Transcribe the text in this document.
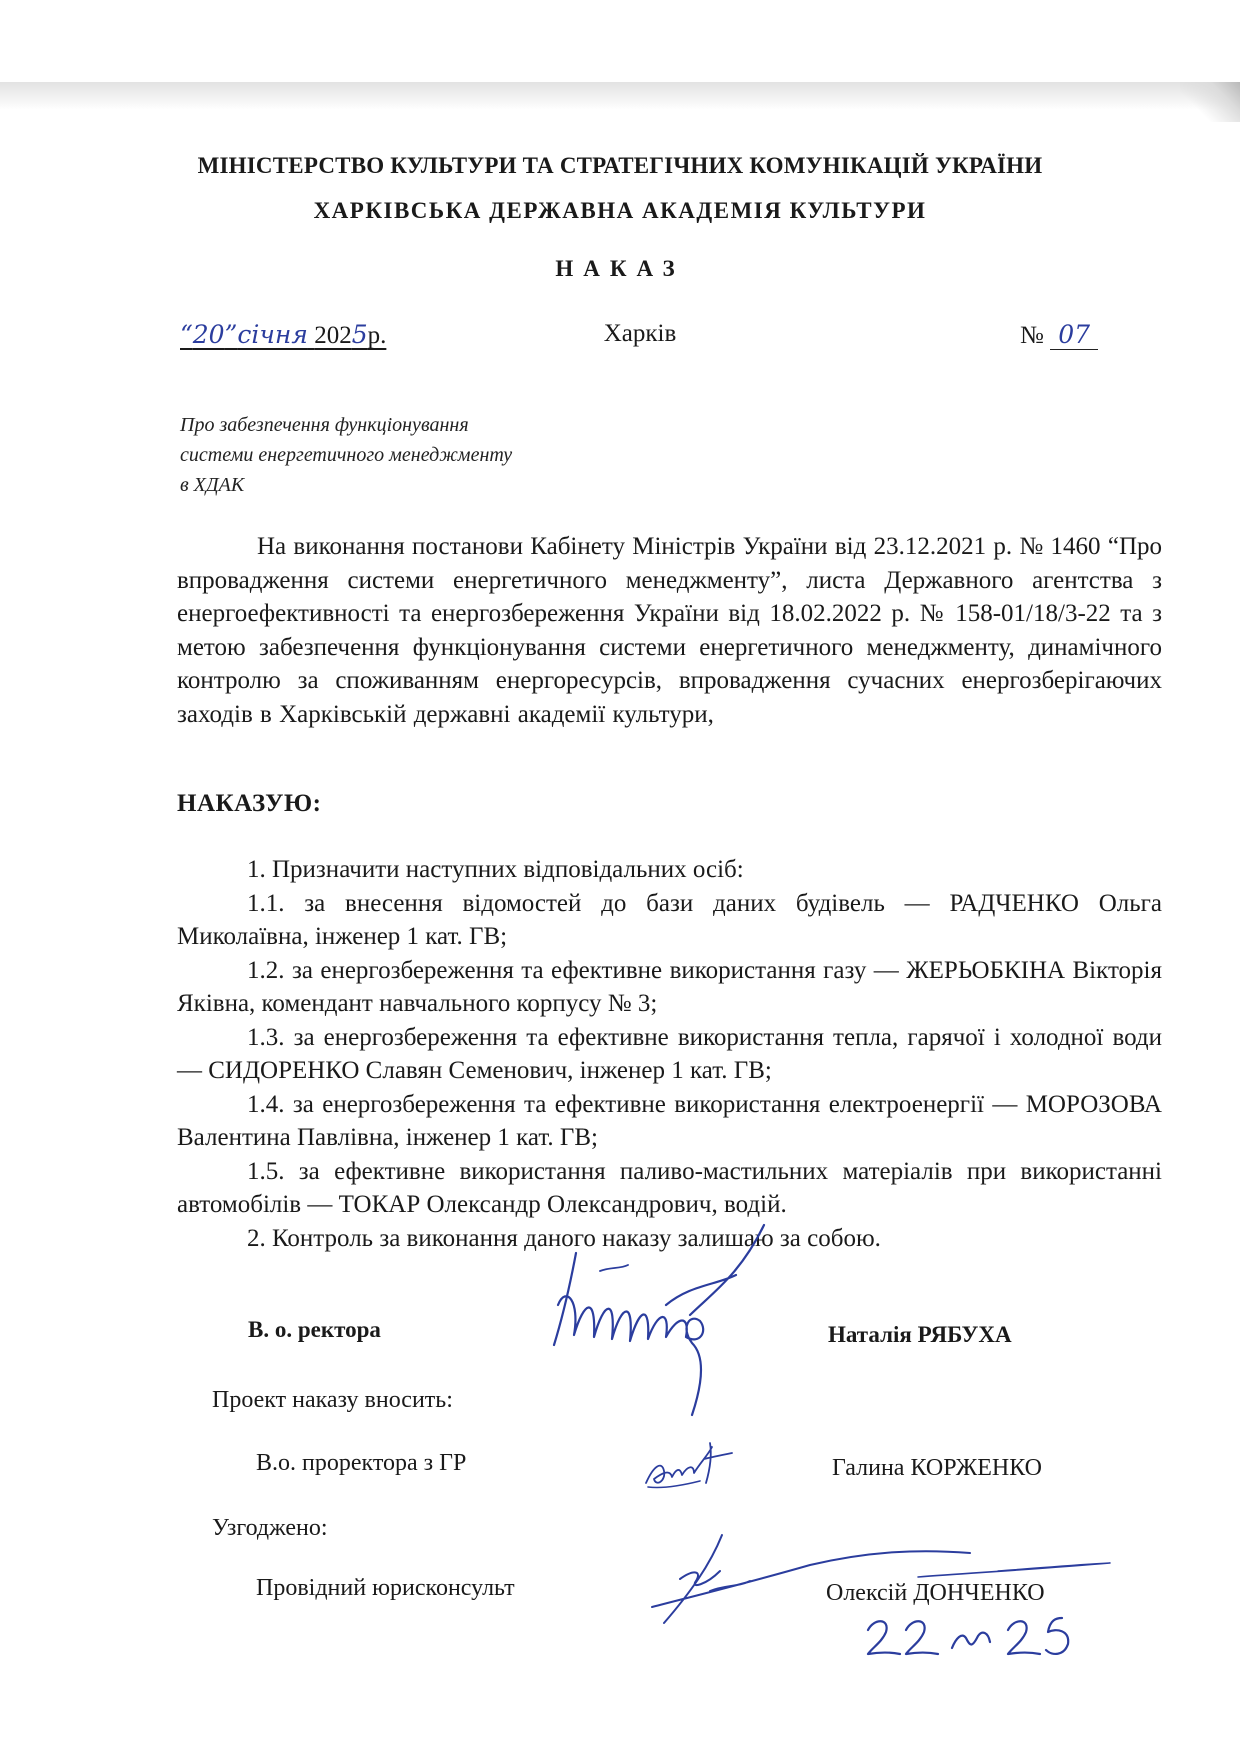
МІНІСТЕРСТВО КУЛЬТУРИ ТА СТРАТЕГІЧНИХ КОМУНІКАЦІЙ УКРАЇНИ
ХАРКІВСЬКА ДЕРЖАВНА АКАДЕМІЯ КУЛЬТУРИ
НАКАЗ
“20”січня 2025р.	Харків	№ 07
Про забезпечення функціонування
системи енергетичного менеджменту
в ХДАК

На виконання постанови Кабінету Міністрів України від 23.12.2021 р. № 1460 “Про впровадження системи енергетичного менеджменту”, листа Державного агентства з енергоефективності та енергозбереження України від 18.02.2022 р. № 158-01/18/3-22 та з метою забезпечення функціонування системи енергетичного менеджменту, динамічного контролю за споживанням енергоресурсів, впровадження сучасних енергозберігаючих заходів в Харківській державні академії культури,

НАКАЗУЮ:

1. Призначити наступних відповідальних осіб:

1.1. за внесення відомостей до бази даних будівель — РАДЧЕНКО Ольга Миколаївна, інженер 1 кат. ГВ;

1.2. за енергозбереження та ефективне використання газу — ЖЕРЬОБКІНА Вікторія Яківна, комендант навчального корпусу № 3;

1.3. за енергозбереження та ефективне використання тепла, гарячої і холодної води — СИДОРЕНКО Славян Семенович, інженер 1 кат. ГВ;

1.4. за енергозбереження та ефективне використання електроенергії — МОРОЗОВА Валентина Павлівна, інженер 1 кат. ГВ;

1.5. за ефективне використання паливо-мастильних матеріалів при використанні автомобілів — ТОКАР Олександр Олександрович, водій.

2. Контроль за виконання даного наказу залишаю за собою.

В. о. ректора	Наталія РЯБУХА
Проект наказу вносить:
В.о. проректора з ГР	Галина КОРЖЕНКО
Узгоджено:
Провідний юрисконсульт	Олексій ДОНЧЕНКО
